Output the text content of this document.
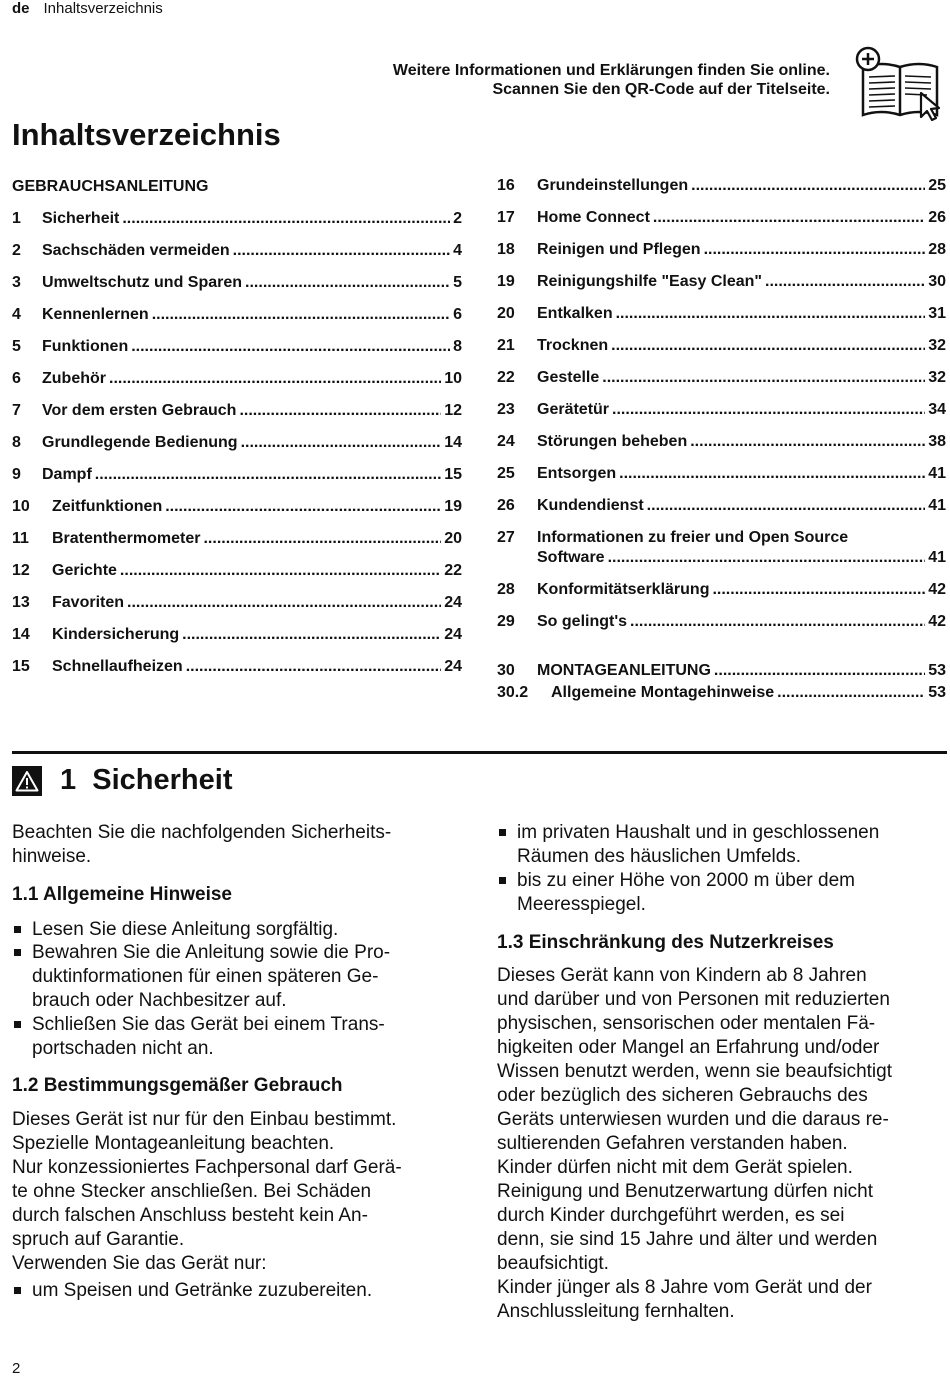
de Inhaltsverzeichnis
Weitere Informationen und Erklärungen finden Sie online.
Scannen Sie den QR-Code auf der Titelseite.
Inhaltsverzeichnis
GEBRAUCHSANLEITUNG
1	Sicherheit .....	2
2	Sachschäden vermeiden .....	4
3	Umweltschutz und Sparen .....	5
4	Kennenlernen .....	6
5	Funktionen .....	8
6	Zubehör .....	10
7	Vor dem ersten Gebrauch .....	12
8	Grundlegende Bedienung .....	14
9	Dampf .....	15
10	Zeitfunktionen .....	19
11	Bratenthermometer .....	20
12	Gerichte .....	22
13	Favoriten .....	24
14	Kindersicherung .....	24
15	Schnellaufheizen .....	24
16	Grundeinstellungen .....	25
17	Home Connect .....	26
18	Reinigen und Pflegen .....	28
19	Reinigungshilfe "Easy Clean" .....	30
20	Entkalken .....	31
21	Trocknen .....	32
22	Gestelle .....	32
23	Gerätetür .....	34
24	Störungen beheben .....	38
25	Entsorgen .....	41
26	Kundendienst .....	41
27	Informationen zu freier und Open Source
Software .....	41
28	Konformitätserklärung .....	42
29	So gelingt's .....	42
30	MONTAGEANLEITUNG .....	53
30.2	Allgemeine Montagehinweise .....	53
1 Sicherheit
Beachten Sie die nachfolgenden Sicherheits-
hinweise.
1.1 Allgemeine Hinweise
Lesen Sie diese Anleitung sorgfältig.
Bewahren Sie die Anleitung sowie die Pro-
duktinformationen für einen späteren Ge-
brauch oder Nachbesitzer auf.
Schließen Sie das Gerät bei einem Trans-
portschaden nicht an.
1.2 Bestimmungsgemäßer Gebrauch
Dieses Gerät ist nur für den Einbau bestimmt.
Spezielle Montageanleitung beachten.
Nur konzessioniertes Fachpersonal darf Gerä-
te ohne Stecker anschließen. Bei Schäden
durch falschen Anschluss besteht kein An-
spruch auf Garantie.
Verwenden Sie das Gerät nur:
um Speisen und Getränke zuzubereiten.
im privaten Haushalt und in geschlossenen
Räumen des häuslichen Umfelds.
bis zu einer Höhe von 2000 m über dem
Meeresspiegel.
1.3 Einschränkung des Nutzerkreises
Dieses Gerät kann von Kindern ab 8 Jahren
und darüber und von Personen mit reduzierten
physischen, sensorischen oder mentalen Fä-
higkeiten oder Mangel an Erfahrung und/oder
Wissen benutzt werden, wenn sie beaufsichtigt
oder bezüglich des sicheren Gebrauchs des
Geräts unterwiesen wurden und die daraus re-
sultierenden Gefahren verstanden haben.
Kinder dürfen nicht mit dem Gerät spielen.
Reinigung und Benutzerwartung dürfen nicht
durch Kinder durchgeführt werden, es sei
denn, sie sind 15 Jahre und älter und werden
beaufsichtigt.
Kinder jünger als 8 Jahre vom Gerät und der
Anschlussleitung fernhalten.
2
